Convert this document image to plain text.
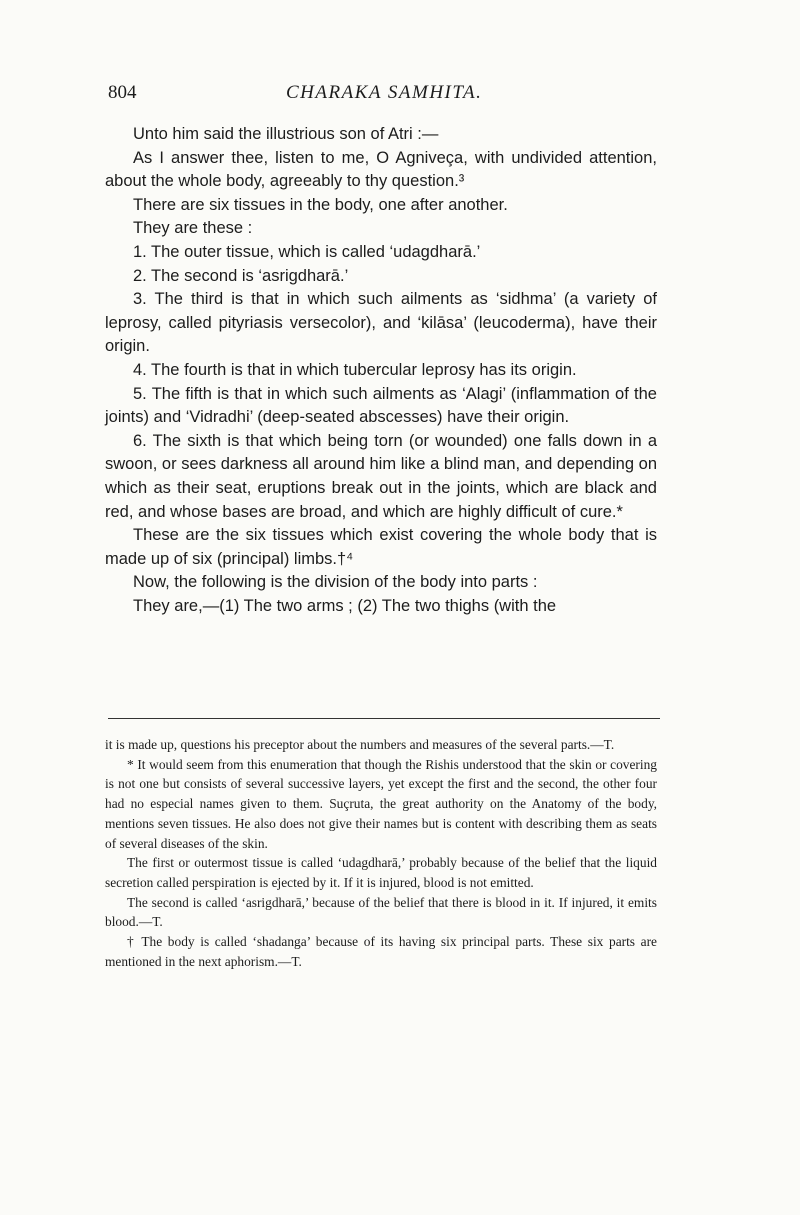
804	CHARAKA SAMHITA.

Unto him said the illustrious son of Atri :—

As I answer thee, listen to me, O Agniveça, with undivided attention, about the whole body, agreeably to thy question.³

There are six tissues in the body, one after another.

They are these :

1. The outer tissue, which is called ‘udagdharā.’

2. The second is ‘asrigdharā.’

3. The third is that in which such ailments as ‘sidhma’ (a variety of leprosy, called pityriasis versecolor), and ‘kilāsa’ (leucoderma), have their origin.

4. The fourth is that in which tubercular leprosy has its origin.

5. The fifth is that in which such ailments as ‘Alagi’ (inflammation of the joints) and ‘Vidradhi’ (deep-seated abscesses) have their origin.

6. The sixth is that which being torn (or wounded) one falls down in a swoon, or sees darkness all around him like a blind man, and depending on which as their seat, eruptions break out in the joints, which are black and red, and whose bases are broad, and which are highly difficult of cure.*

These are the six tissues which exist covering the whole body that is made up of six (principal) limbs.†⁴

Now, the following is the division of the body into parts :

They are,—(1) The two arms ; (2) The two thighs (with the

it is made up, questions his preceptor about the numbers and measures of the several parts.—T.

* It would seem from this enumeration that though the Rishis understood that the skin or covering is not one but consists of several successive layers, yet except the first and the second, the other four had no especial names given to them. Suçruta, the great authority on the Anatomy of the body, mentions seven tissues. He also does not give their names but is content with describing them as seats of several diseases of the skin.

The first or outermost tissue is called ‘udagdharā,’ probably because of the belief that the liquid secretion called perspiration is ejected by it. If it is injured, blood is not emitted.

The second is called ‘asrigdharā,’ because of the belief that there is blood in it. If injured, it emits blood.—T.

† The body is called ‘shadanga’ because of its having six principal parts. These six parts are mentioned in the next aphorism.—T.
